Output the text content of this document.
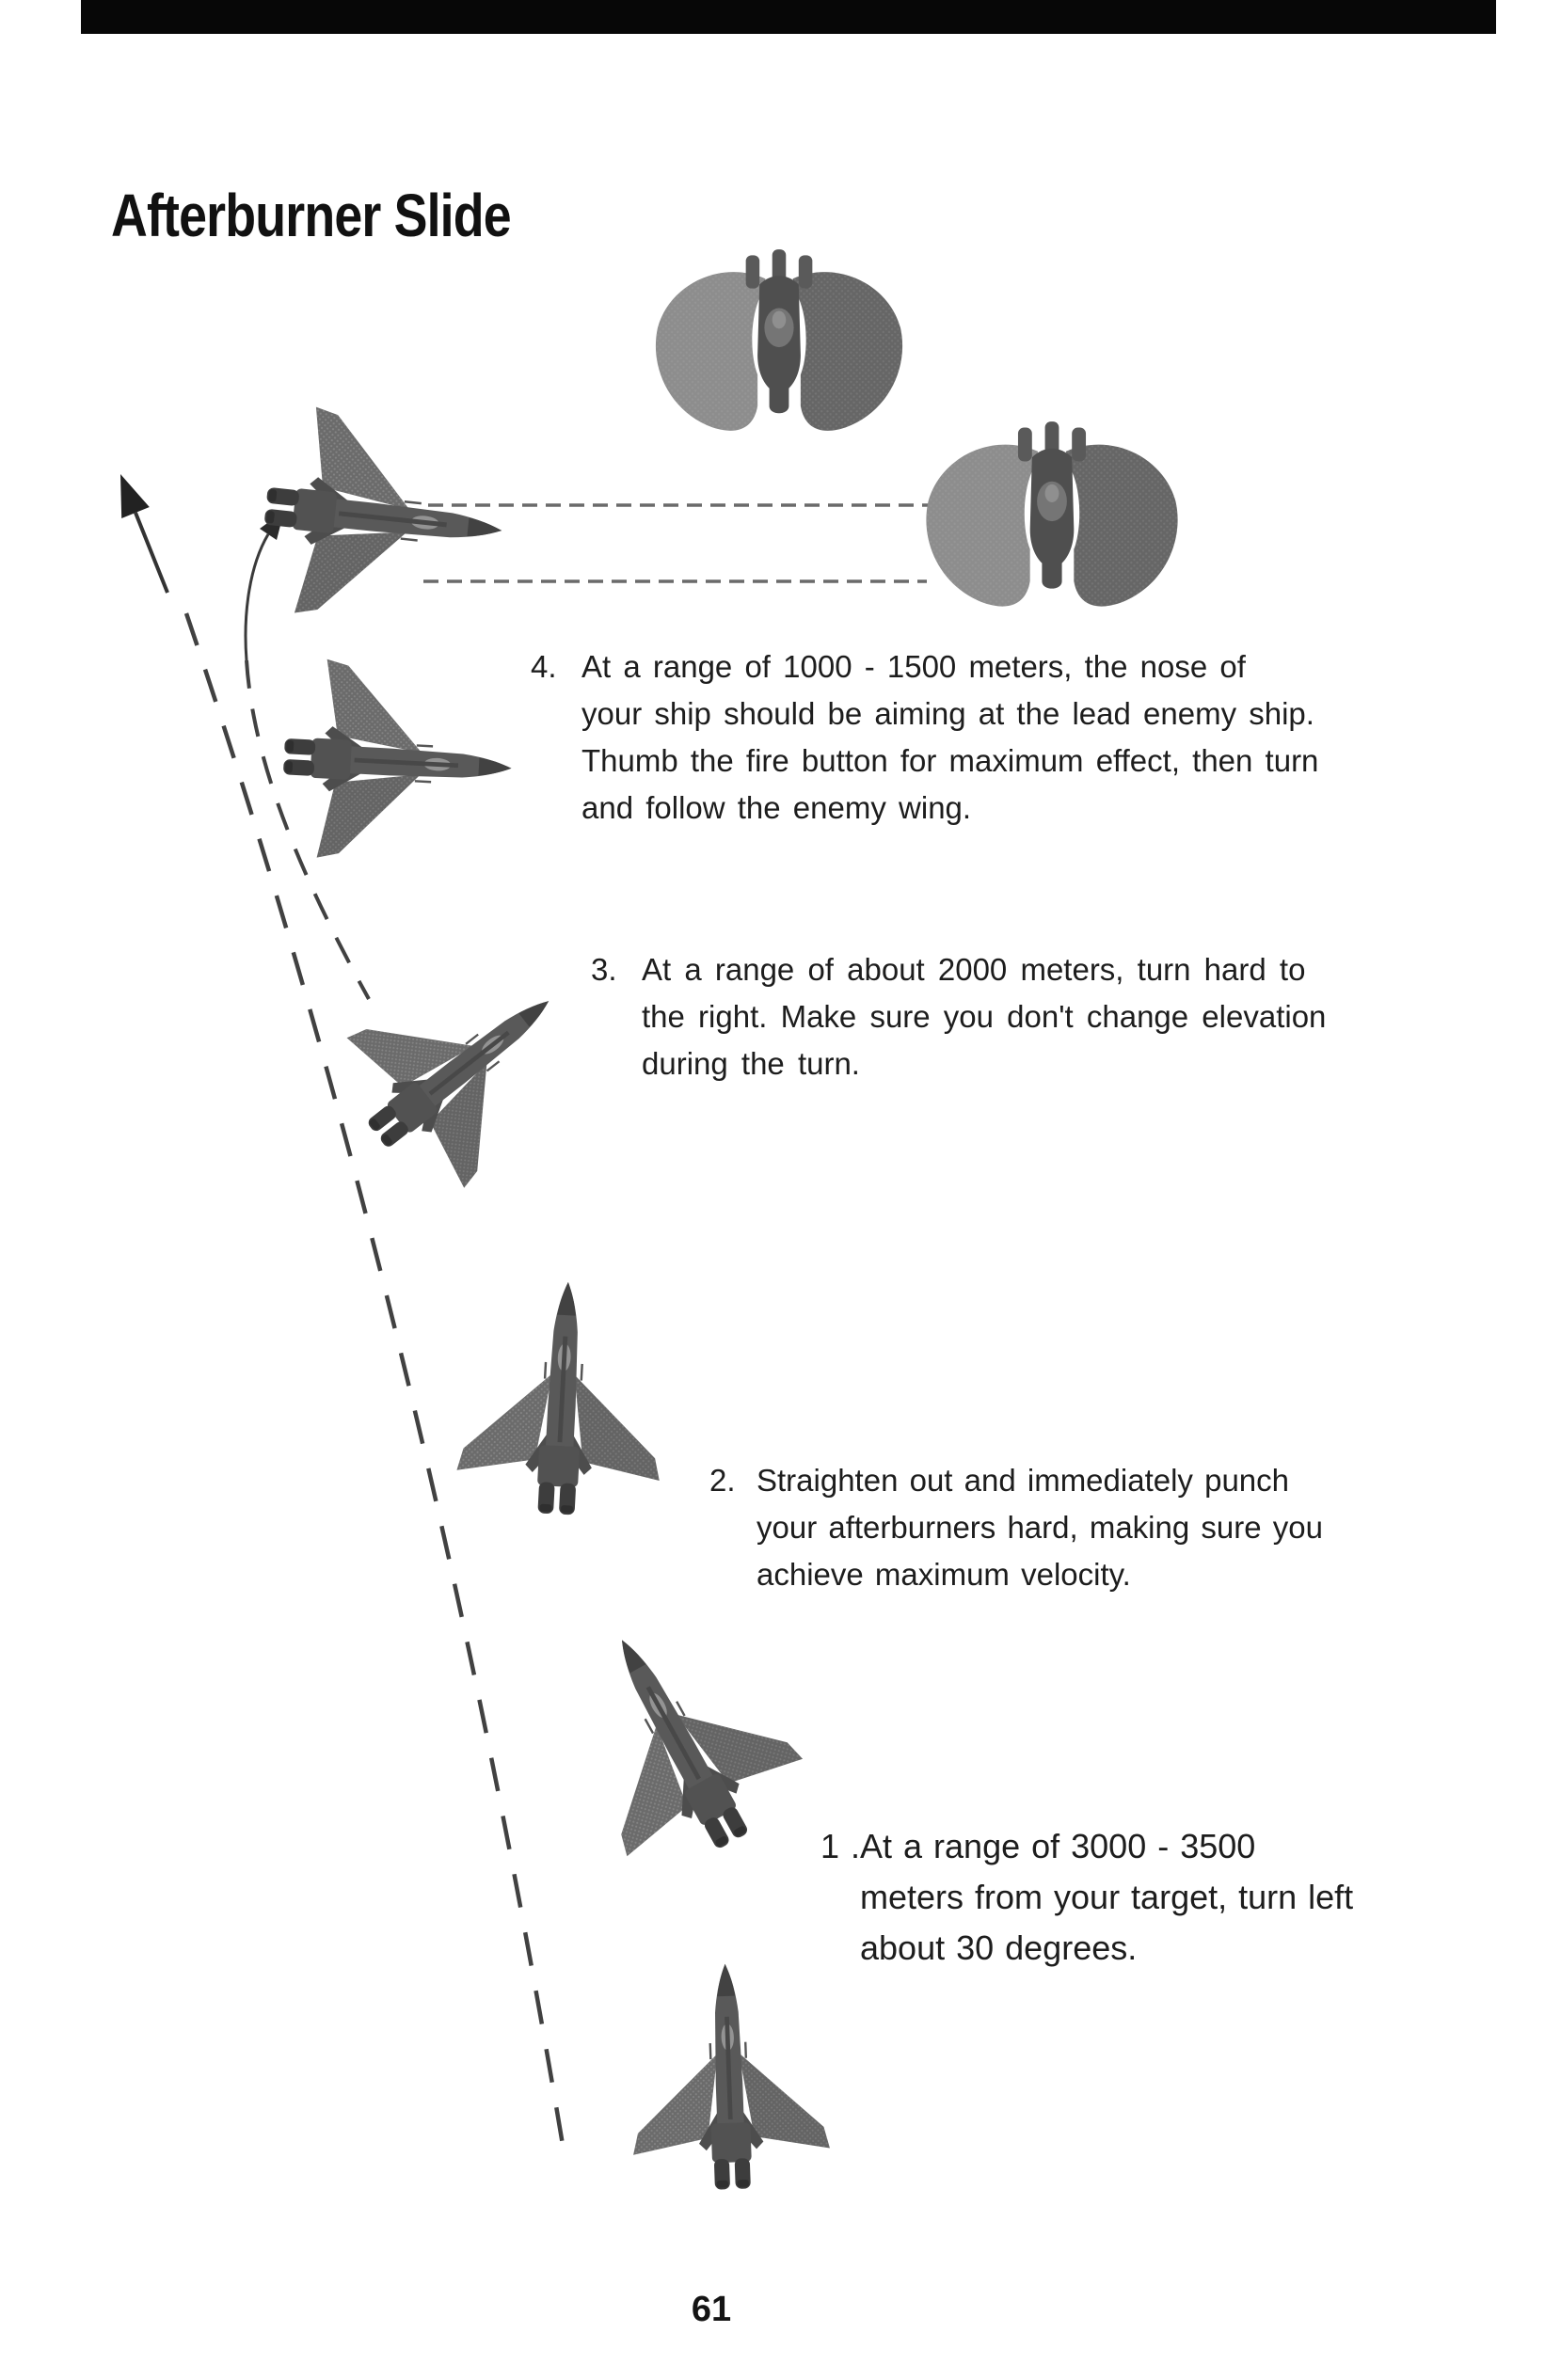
Afterburner Slide
4. At a range of 1000 - 1500 meters, the nose of
your ship should be aiming at the lead enemy ship.
Thumb the fire button for maximum effect, then turn
and follow the enemy wing.
3. At a range of about 2000 meters, turn hard to
the right. Make sure you don't change elevation
during the turn.
2. Straighten out and immediately punch
your afterburners hard, making sure you
achieve maximum velocity.
1 . At a range of 3000 - 3500
meters from your target, turn left
about 30 degrees.
61
